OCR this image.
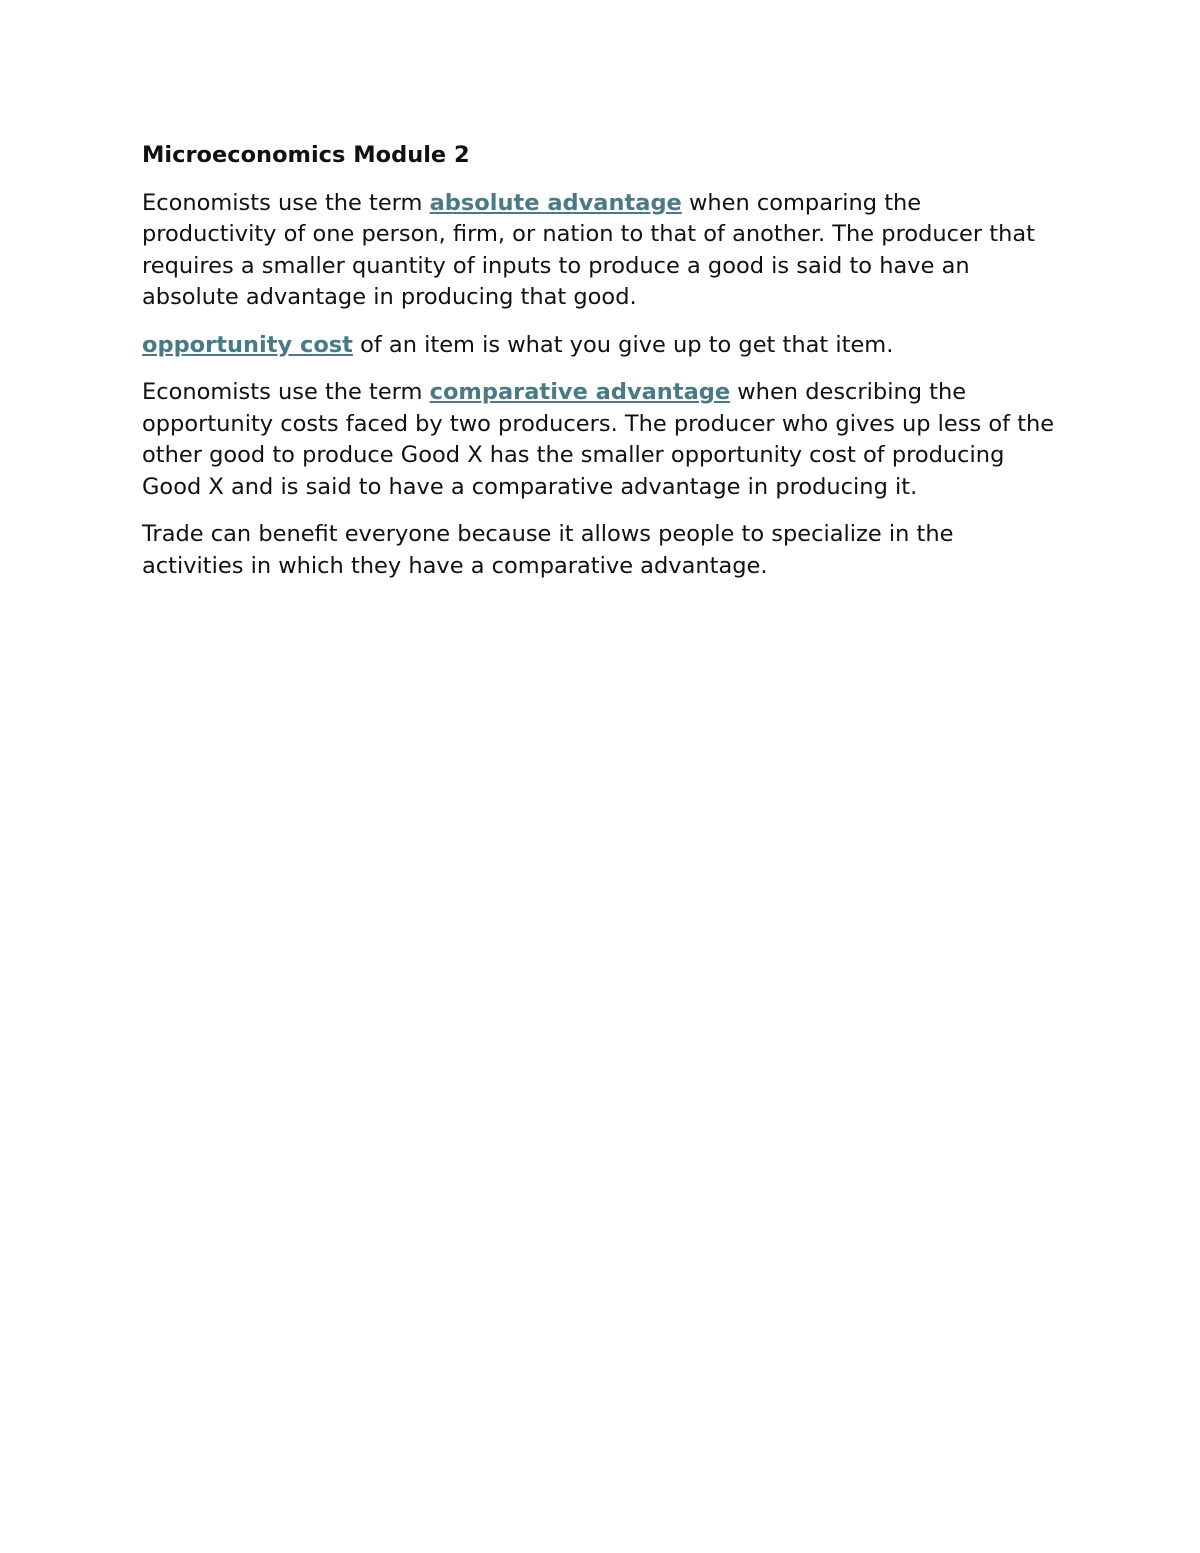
Microeconomics Module 2

Economists use the term absolute advantage when comparing the productivity of one person, firm, or nation to that of another. The producer that requires a smaller quantity of inputs to produce a good is said to have an absolute advantage in producing that good.

opportunity cost of an item is what you give up to get that item.

Economists use the term comparative advantage when describing the opportunity costs faced by two producers. The producer who gives up less of the other good to produce Good X has the smaller opportunity cost of producing Good X and is said to have a comparative advantage in producing it.

Trade can benefit everyone because it allows people to specialize in the activities in which they have a comparative advantage.
